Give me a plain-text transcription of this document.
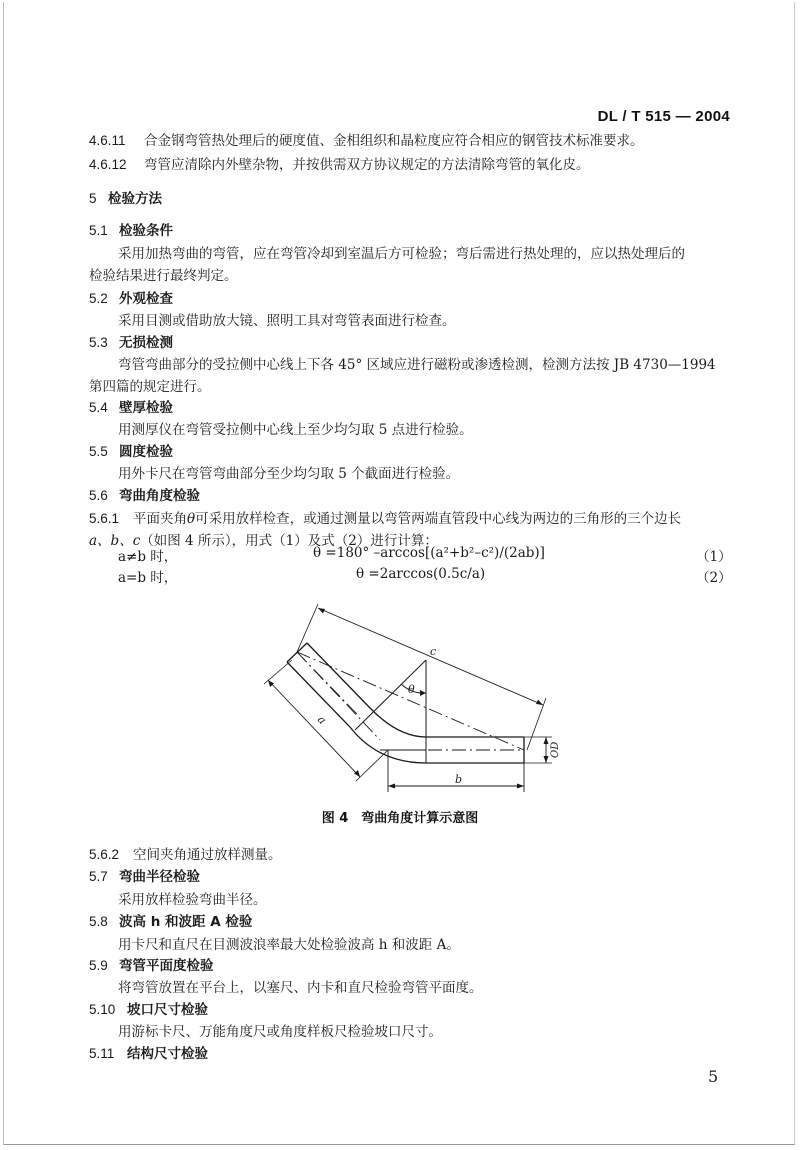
DL / T 515 — 2004
4.6.11 合金钢弯管热处理后的硬度值、金相组织和晶粒度应符合相应的钢管技术标准要求。
4.6.12 弯管应清除内外壁杂物，并按供需双方协议规定的方法清除弯管的氧化皮。
5 检验方法
5.1 检验条件
采用加热弯曲的弯管，应在弯管冷却到室温后方可检验；弯后需进行热处理的，应以热处理后的
检验结果进行最终判定。
5.2 外观检查
采用目测或借助放大镜、照明工具对弯管表面进行检查。
5.3 无损检测
弯管弯曲部分的受拉侧中心线上下各 45° 区域应进行磁粉或渗透检测，检测方法按 JB 4730—1994
第四篇的规定进行。
5.4 壁厚检验
用测厚仪在弯管受拉侧中心线上至少均匀取 5 点进行检验。
5.5 圆度检验
用外卡尺在弯管弯曲部分至少均匀取 5 个截面进行检验。
5.6 弯曲角度检验
5.6.1 平面夹角θ可采用放样检查，或通过测量以弯管两端直管段中心线为两边的三角形的三个边长
a、b、c（如图 4 所示），用式（1）及式（2）进行计算：
a≠b 时，	θ =180° –arccos[(a²+b²–c²)/(2ab)]	（1）
a=b 时，	θ =2arccos(0.5c/a)	（2）
c
θ
a
b
OD
图 4　弯曲角度计算示意图
5.6.2 空间夹角通过放样测量。
5.7 弯曲半径检验
采用放样检验弯曲半径。
5.8 波高 h 和波距 A 检验
用卡尺和直尺在目测波浪率最大处检验波高 h 和波距 A。
5.9 弯管平面度检验
将弯管放置在平台上，以塞尺、内卡和直尺检验弯管平面度。
5.10 坡口尺寸检验
用游标卡尺、万能角度尺或角度样板尺检验坡口尺寸。
5.11 结构尺寸检验
5
